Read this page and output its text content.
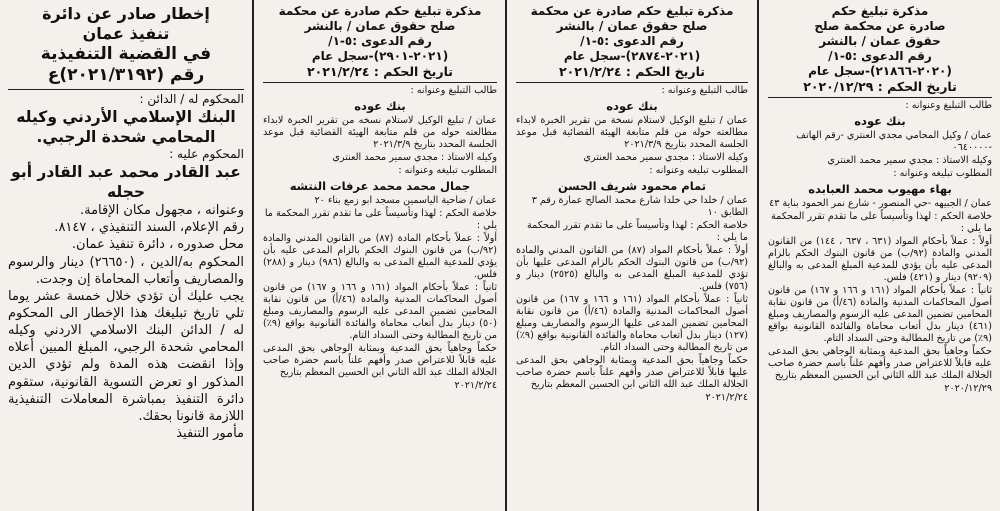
مذكرة تبليغ حكم
صادرة عن محكمة صلح
حقوق عمان / بالنشر
رقم الدعوى :٥-١/
(٢٠٢٠-٢١٨٦٦)-سجل عام
تاريخ الحكم : ٢٠٢٠/١٢/٢٩
طالب التبليغ وعنوانه :
بنك عوده
عمان / وكيل المحامي مجدي العنتري -رقم الهاتف -٠٦٤٠٠٠٠
وكيله الاستاذ : مجدي سمير محمد العنتري
المطلوب تبليغه وعنوانه :
بهاء مهيوب محمد العبابده
عمان / الجبيهه -حي المنصور - شارع نمر الحمود بناية ٤٣
خلاصة الحكم : لهذا وتأسيساً على ما تقدم تقرر المحكمة ما يلي :
أولاً : عملاً بأحكام المواد (٦٣١ ، ٦٣٧ ، ١٤٤) من القانون المدني والمادة (٩٢/ب) من قانون البنوك الحكم بالزام المدعى عليه بأن يؤدي للمدعية المبلغ المدعى به والبالغ (٩٢٠٩) دينار و (٤٢١) فلس.
ثانياً : عملاً بأحكام المواد (١٦١ و ١٦٦ و ١٦٧) من قانون أصول المحاكمات المدنية والمادة (٤٦/أ) من قانون نقابة المحامين تضمين المدعى عليه الرسوم والمصاريف ومبلغ (٤٦١) دينار بدل أتعاب محاماة والفائدة القانونية بواقع (٩٪) من تاريخ المطالبة وحتى السداد التام.
حكماً وجاهياً بحق المدعية وبمثابة الوجاهي بحق المدعى عليه قابلاً للاعتراض صدر وأفهم علناً باسم حضرة صاحب الجلالة الملك عبد الله الثاني ابن الحسين المعظم بتاريخ
٢٠٢٠/١٢/٢٩
مذكرة تبليغ حكم صادرة عن محكمة
صلح حقوق عمان / بالنشر
رقم الدعوى :٥-١/
(٢٠٢١-٢٨٧٤)-سجل عام
تاريخ الحكم : ٢٠٢١/٢/٢٤
طالب التبليغ وعنوانه :
بنك عوده
عمان / تبليغ الوكيل لاستلام نسخة من تقرير الخبرة لابداء مطالعته حوله من قلم متابعة الهيئة القضائية قبل موعد الجلسة المحدد بتاريخ ٢٠٢١/٣/٩
وكيله الاستاذ : مجدي سمير محمد العنتري
المطلوب تبليغه وعنوانه :
تمام محمود شريف الحسن
عمان / خلدا حي خلدا شارع محمد الصالح عمارة رقم ٣ الطابق ١٠
خلاصة الحكم : لهذا وتأسيساً على ما تقدم تقرر المحكمة ما يلي :
أولاً : عملاً بأحكام المواد (٨٧) من القانون المدني والمادة (٩٢/ب) من قانون البنوك الحكم بالزام المدعى عليها بأن تؤدي للمدعية المبلغ المدعى به والبالغ (٢٥٢٥) دينار و (٧٥٦) فلس.
ثانياً : عملاً بأحكام المواد (١٦١ و ١٦٦ و ١٦٧) من قانون أصول المحاكمات المدنية والمادة (٤٦/أ) من قانون نقابة المحامين تضمين المدعى عليها الرسوم والمصاريف ومبلغ (١٢٧) دينار بدل أتعاب محاماة والفائدة القانونية بواقع (٩٪) من تاريخ المطالبة وحتى السداد التام.
حكماً وجاهياً بحق المدعية وبمثابة الوجاهي بحق المدعى عليها قابلاً للاعتراض صدر وأفهم علناً باسم حضرة صاحب الجلالة الملك عبد الله الثاني ابن الحسين المعظم بتاريخ
٢٠٢١/٢/٢٤
مذكرة تبليغ حكم صادرة عن محكمة
صلح حقوق عمان / بالنشر
رقم الدعوى :٥-١/
(٢٠٢١-٢٩٠١)-سجل عام
تاريخ الحكم : ٢٠٢١/٢/٢٤
طالب التبليغ وعنوانه :
بنك عوده
عمان / تبليغ الوكيل لاستلام نسخه من تقرير الخبرة لابداء مطالعته حوله من قلم متابعة الهيئة القضائية قبل موعد الجلسة المحدد بتاريخ ٢٠٢١/٣/٩
وكيله الاستاذ : مجدي سمير محمد العنتري
المطلوب تبليغه وعنوانه :
جمال محمد محمد عرفات النتشه
عمان / ضاحية الياسمين مسجد ابو زمع بناء ٢٠
خلاصة الحكم : لهذا وتأسيساً على ما تقدم تقرر المحكمة ما يلي :
أولاً : عملاً بأحكام المادة (٨٧) من القانون المدني والمادة (٩٢/ب) من قانون البنوك الحكم بالزام المدعى عليه بأن يؤدي للمدعية المبلغ المدعى به والبالغ (٩٨٦) دينار و (٢٨٨) فلس.
ثانياً : عملاً بأحكام المواد (١٦١ و ١٦٦ و ١٦٧) من قانون أصول المحاكمات المدنية والمادة (٤٦/أ) من قانون نقابة المحامين تضمين المدعى عليه الرسوم والمصاريف ومبلغ (٥٠) دينار بدل أتعاب محاماة والفائدة القانونية بواقع (٩٪) من تاريخ المطالبة وحتى السداد التام.
حكماً وجاهياً بحق المدعية وبمثابة الوجاهي بحق المدعى عليه قابلاً للاعتراض صدر وأفهم علناً باسم حضرة صاحب الجلالة الملك عبد الله الثاني ابن الحسين المعظم بتاريخ
٢٠٢١/٢/٢٤
إخطار صادر عن دائرة
تنفيذ عمان
في القضية التنفيذية
رقم (٢٠٢١/٣١٩٢)ع
المحكوم له / الدائن :
البنك الإسلامي الأردني وكيله المحامي شحدة الرجبي.
المحكوم عليه :
عبد القادر محمد عبد القادر أبو حجله
وعنوانه ، مجهول مكان الإقامة.
رقم الإعلام، السند التنفيذي ، ٨١٤٧.
محل صدوره ، دائرة تنفيذ عمان.
المحكوم به/الدين ، (٢٦٦٥٠) دينار والرسوم والمصاريف وأتعاب المحاماة إن وجدت.
يجب عليك أن تؤدي خلال خمسة عشر يوما تلي تاريخ تبليغك هذا الإخطار الى المحكوم له / الدائن البنك الاسلامي الاردني وكيله المحامي شحدة الرجبي، المبلغ المبين أعلاه وإذا انقضت هذه المدة ولم تؤدي الدين المذكور او تعرض التسوية القانونية، ستقوم دائرة التنفيذ بمباشرة المعاملات التنفيذية اللازمة قانونا بحقك.
مأمور التنفيذ
